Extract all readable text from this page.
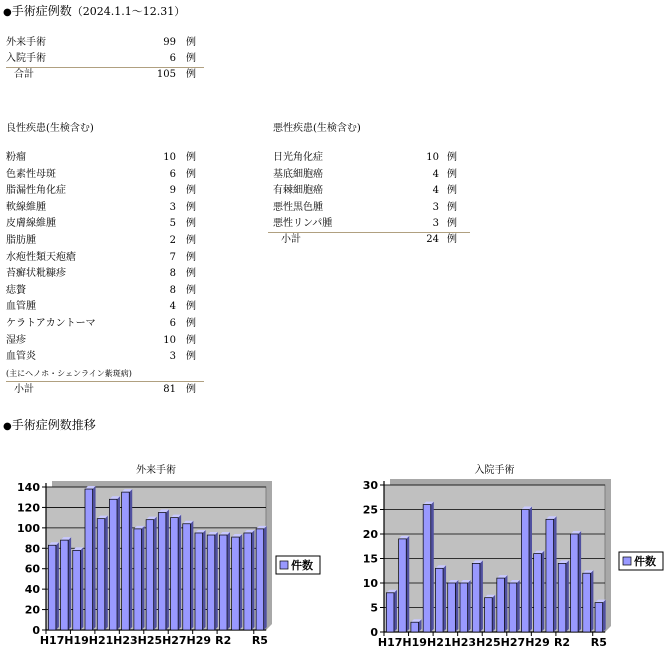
●手術症例数（2024.1.1〜12.31）
外来手術	99 例
入院手術	6 例
合計	105 例
良性疾患(生検含む)
粉瘤	10 例
色素性母斑	6 例
脂漏性角化症	9 例
軟線維腫	3 例
皮膚線維腫	5 例
脂肪腫	2 例
水疱性類天疱瘡	7 例
苔癬状粃糠疹	8 例
痣贅	8 例
血管腫	4 例
ケラトアカントーマ	6 例
湿疹	10 例
血管炎	3 例
(主にヘノホ・シェンライン紫斑病)
小計	81 例
悪性疾患(生検含む)
日光角化症	10 例
基底細胞癌	4 例
有棘細胞癌	4 例
悪性黒色腫	3 例
悪性リンパ腫	3 例
小計	24 例
●手術症例数推移
外来手術
0
20
40
60
80
100
120
140
H17 H19 H21 H23 H25 H27 H29 R2 R5
件数
入院手術
0
5
10
15
20
25
30
H17 H19 H21 H23 H25 H27 H29 R2 R5
件数
